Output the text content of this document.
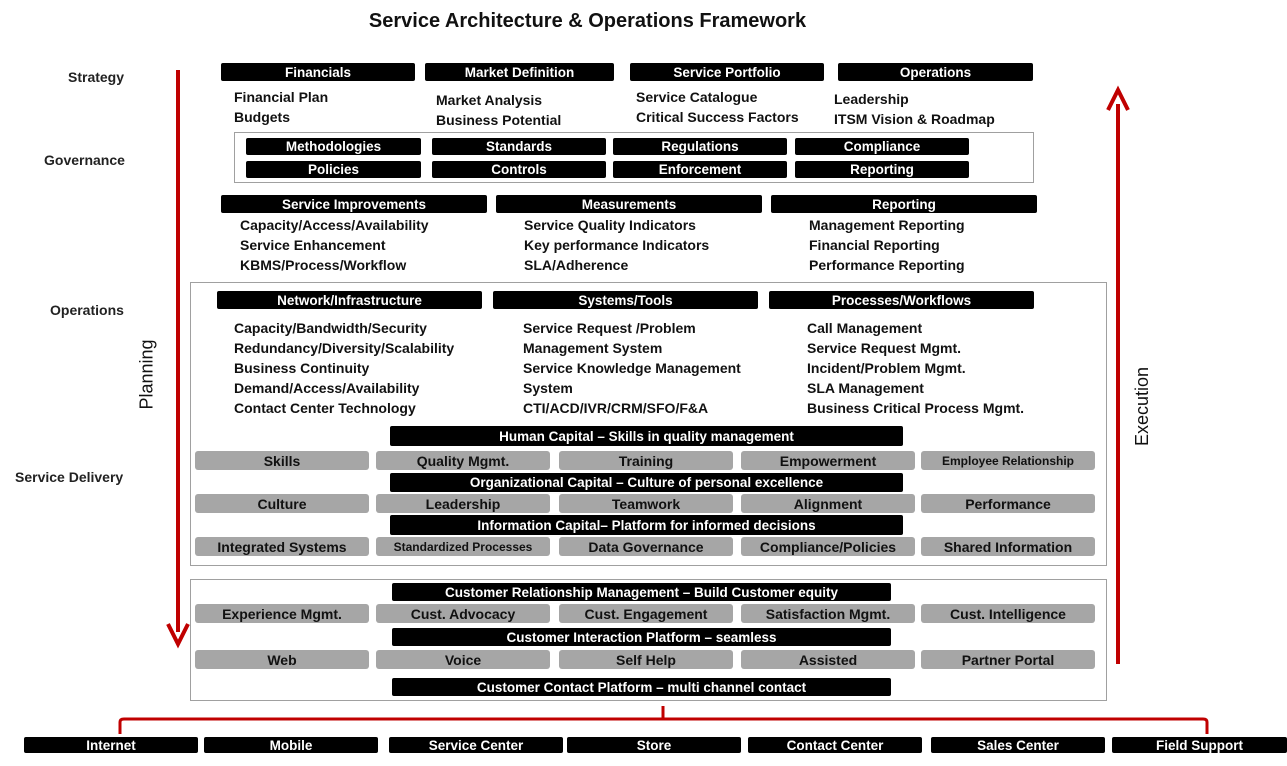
Strategy
Governance
Operations
Service Delivery
Financials
Financial Plan
Budgets
Market Definition
Market Analysis
Business Potential
Service Portfolio
Service Catalogue
Critical Success Factors
Operations
Leadership
ITSM Vision & Roadmap
Methodologies	Standards	Regulations	Compliance
Policies	Controls	Enforcement	Reporting
Service Improvements
Capacity/Access/Availability
Service Enhancement
KBMS/Process/Workflow
Measurements
Service Quality Indicators
Key performance Indicators
SLA/Adherence
Reporting
Management Reporting
Financial Reporting
Performance Reporting
Network/Infrastructure
Capacity/Bandwidth/Security
Redundancy/Diversity/Scalability
Business Continuity
Demand/Access/Availability
Contact Center Technology
Systems/Tools
Service Request /Problem
Management System
Service Knowledge Management
System
CTI/ACD/IVR/CRM/SFO/F&A
Processes/Workflows
Call Management
Service Request Mgmt.
Incident/Problem Mgmt.
SLA Management
Business Critical Process Mgmt.
Human Capital – Skills in quality management
Skills	Quality Mgmt.	Training	Empowerment	Employee Relationship
Organizational Capital – Culture of personal excellence
Culture	Leadership	Teamwork	Alignment	Performance
Information Capital– Platform for informed decisions
Integrated Systems	Standardized Processes	Data Governance	Compliance/Policies	Shared Information
Customer Relationship Management – Build Customer equity
Experience Mgmt.	Cust. Advocacy	Cust. Engagement	Satisfaction Mgmt.	Cust. Intelligence
Customer Interaction Platform – seamless
Web	Voice	Self Help	Assisted	Partner Portal
Customer Contact Platform – multi channel contact
Internet	Mobile	Service Center	Store	Contact Center	Sales Center	Field Support
Service Architecture & Operations Framework
Planning	Execution
